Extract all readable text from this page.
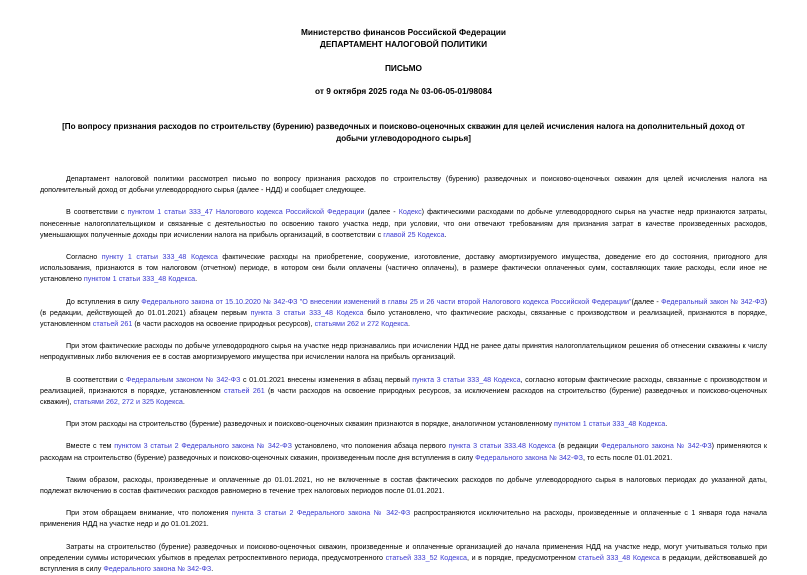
Министерство финансов Российской Федерации
ДЕПАРТАМЕНТ НАЛОГОВОЙ ПОЛИТИКИ
ПИСЬМО
от 9 октября 2025 года № 03-06-05-01/98084
[По вопросу признания расходов по строительству (бурению) разведочных и поисково-оценочных скважин для целей исчисления налога на дополнительный доход от добычи углеводородного сырья]

Департамент налоговой политики рассмотрел письмо по вопросу признания расходов по строительству (бурению) разведочных и поисково-оценочных скважин для целей исчисления налога на дополнительный доход от добычи углеводородного сырья (далее - НДД) и сообщает следующее.

В соответствии с пунктом 1 статьи 333_47 Налогового кодекса Российской Федерации (далее - Кодекс) фактическими расходами по добыче углеводородного сырья на участке недр признаются затраты, понесенные налогоплательщиком и связанные с деятельностью по освоению такого участка недр, при условии, что они отвечают требованиям для признания затрат в качестве произведенных расходов, уменьшающих полученные доходы при исчислении налога на прибыль организаций, в соответствии с главой 25 Кодекса.

Согласно пункту 1 статьи 333_48 Кодекса фактические расходы на приобретение, сооружение, изготовление, доставку амортизируемого имущества, доведение его до состояния, пригодного для использования, признаются в том налоговом (отчетном) периоде, в котором они были оплачены (частично оплачены), в размере фактически оплаченных сумм, составляющих такие расходы, если иное не установлено пунктом 1 статьи 333_48 Кодекса.

До вступления в силу Федерального закона от 15.10.2020 № 342-ФЗ "О внесении изменений в главы 25 и 26 части второй Налогового кодекса Российской Федерации"(далее - Федеральный закон № 342-ФЗ) (в редакции, действующей до 01.01.2021) абзацем первым пункта 3 статьи 333_48 Кодекса было установлено, что фактические расходы, связанные с производством и реализацией, признаются в порядке, установленном статьей 261 (в части расходов на освоение природных ресурсов), статьями 262 и 272 Кодекса.

При этом фактические расходы по добыче углеводородного сырья на участке недр признавались при исчислении НДД не ранее даты принятия налогоплательщиком решения об отнесении скважины к числу непродуктивных либо включения ее в состав амортизируемого имущества при исчислении налога на прибыль организаций.

В соответствии с Федеральным законом № 342-ФЗ с 01.01.2021 внесены изменения в абзац первый пункта 3 статьи 333_48 Кодекса, согласно которым фактические расходы, связанные с производством и реализацией, признаются в порядке, установленном статьей 261 (в части расходов на освоение природных ресурсов, за исключением расходов на строительство (бурение) разведочных и поисково-оценочных скважин), статьями 262, 272 и 325 Кодекса.

При этом расходы на строительство (бурение) разведочных и поисково-оценочных скважин признаются в порядке, аналогичном установленному пунктом 1 статьи 333_48 Кодекса.

Вместе с тем пунктом 3 статьи 2 Федерального закона № 342-ФЗ установлено, что положения абзаца первого пункта 3 статьи 333.48 Кодекса (в редакции Федерального закона № 342-ФЗ) применяются к расходам на строительство (бурение) разведочных и поисково-оценочных скважин, произведенным после дня вступления в силу Федерального закона № 342-ФЗ, то есть после 01.01.2021.

Таким образом, расходы, произведенные и оплаченные до 01.01.2021, но не включенные в состав фактических расходов по добыче углеводородного сырья в налоговых периодах до указанной даты, подлежат включению в состав фактических расходов равномерно в течение трех налоговых периодов после 01.01.2021.

При этом обращаем внимание, что положения пункта 3 статьи 2 Федерального закона № 342-ФЗ распространяются исключительно на расходы, произведенные и оплаченные с 1 января года начала применения НДД на участке недр и до 01.01.2021.

Затраты на строительство (бурение) разведочных и поисково-оценочных скважин, произведенные и оплаченные организацией до начала применения НДД на участке недр, могут учитываться только при определении суммы исторических убытков в пределах ретроспективного периода, предусмотренного статьей 333_52 Кодекса, и в порядке, предусмотренном статьей 333_48 Кодекса в редакции, действовавшей до вступления в силу Федерального закона № 342-ФЗ.
